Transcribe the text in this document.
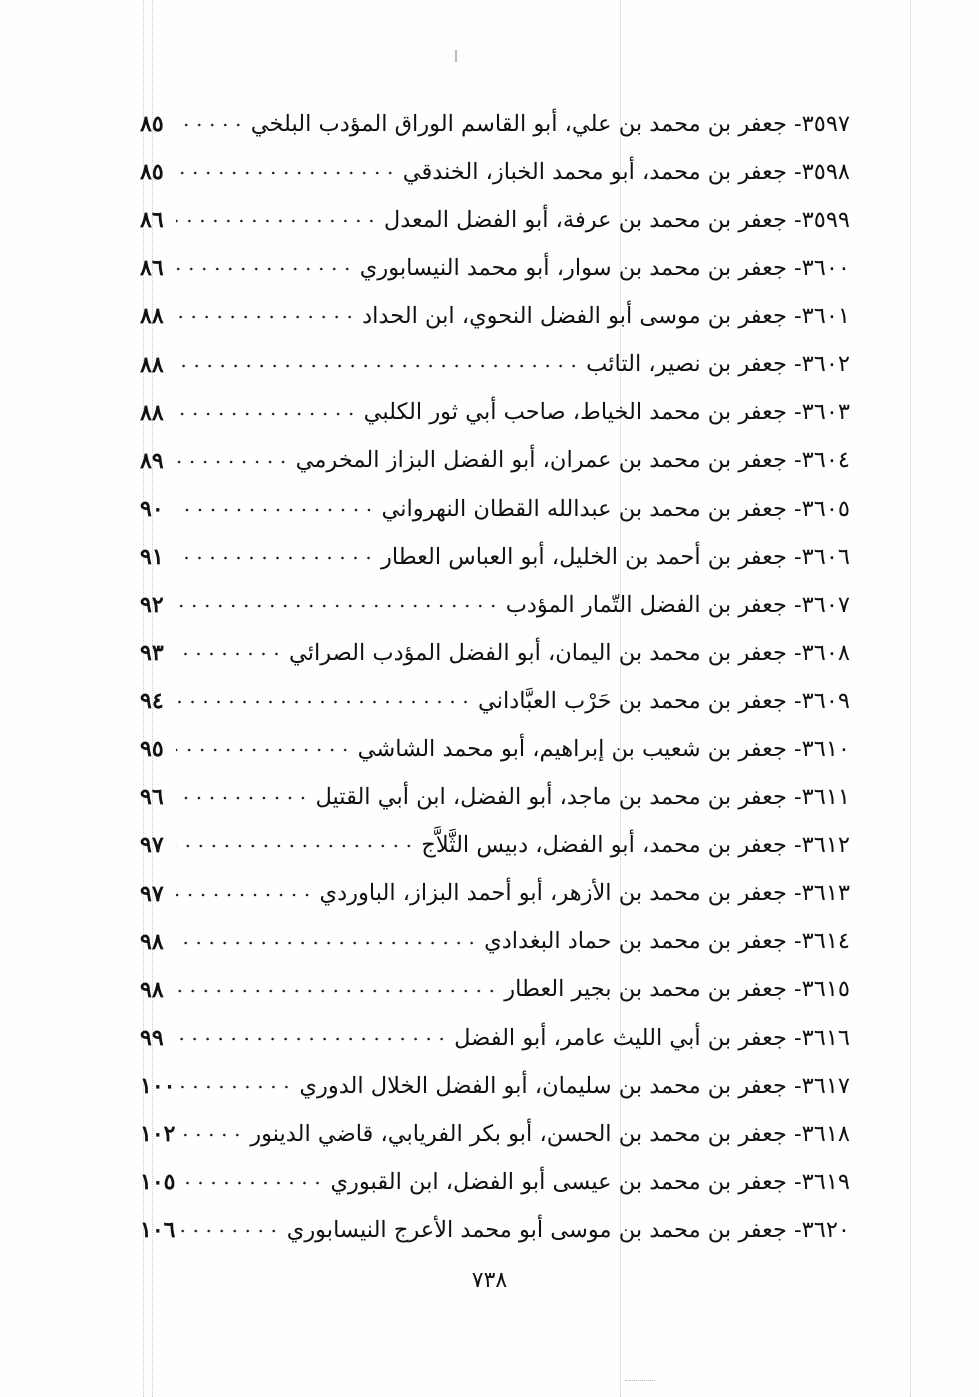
٣٥٩٧- جعفر بن محمد بن علي، أبو القاسم الوراق المؤدب البلخي
٨٥
٣٥٩٨- جعفر بن محمد، أبو محمد الخباز، الخندقي
٨٥
٣٥٩٩- جعفر بن محمد بن عرفة، أبو الفضل المعدل
٨٦
٣٦٠٠- جعفر بن محمد بن سوار، أبو محمد النيسابوري
٨٦
٣٦٠١- جعفر بن موسى أبو الفضل النحوي، ابن الحداد
٨٨
٣٦٠٢- جعفر بن نصير، التائب
٨٨
٣٦٠٣- جعفر بن محمد الخياط، صاحب أبي ثور الكلبي
٨٨
٣٦٠٤- جعفر بن محمد بن عمران، أبو الفضل البزاز المخرمي
٨٩
٣٦٠٥- جعفر بن محمد بن عبدالله القطان النهرواني
٩٠
٣٦٠٦- جعفر بن أحمد بن الخليل، أبو العباس العطار
٩١
٣٦٠٧- جعفر بن الفضل التّمار المؤدب
٩٢
٣٦٠٨- جعفر بن محمد بن اليمان، أبو الفضل المؤدب الصرائي
٩٣
٣٦٠٩- جعفر بن محمد بن حَرْب العبَّاداني
٩٤
٣٦١٠- جعفر بن شعيب بن إبراهيم، أبو محمد الشاشي
٩٥
٣٦١١- جعفر بن محمد بن ماجد، أبو الفضل، ابن أبي القتيل
٩٦
٣٦١٢- جعفر بن محمد، أبو الفضل، دبيس الثَّلاَّج
٩٧
٣٦١٣- جعفر بن محمد بن الأزهر، أبو أحمد البزاز، الباوردي
٩٧
٣٦١٤- جعفر بن محمد بن حماد البغدادي
٩٨
٣٦١٥- جعفر بن محمد بن بجير العطار
٩٨
٣٦١٦- جعفر بن أبي الليث عامر، أبو الفضل
٩٩
٣٦١٧- جعفر بن محمد بن سليمان، أبو الفضل الخلال الدوري
١٠٠
٣٦١٨- جعفر بن محمد بن الحسن، أبو بكر الفريابي، قاضي الدينور
١٠٢
٣٦١٩- جعفر بن محمد بن عيسى أبو الفضل، ابن القبوري
١٠٥
٣٦٢٠- جعفر بن محمد بن موسى أبو محمد الأعرج النيسابوري
١٠٦
٧٣٨
